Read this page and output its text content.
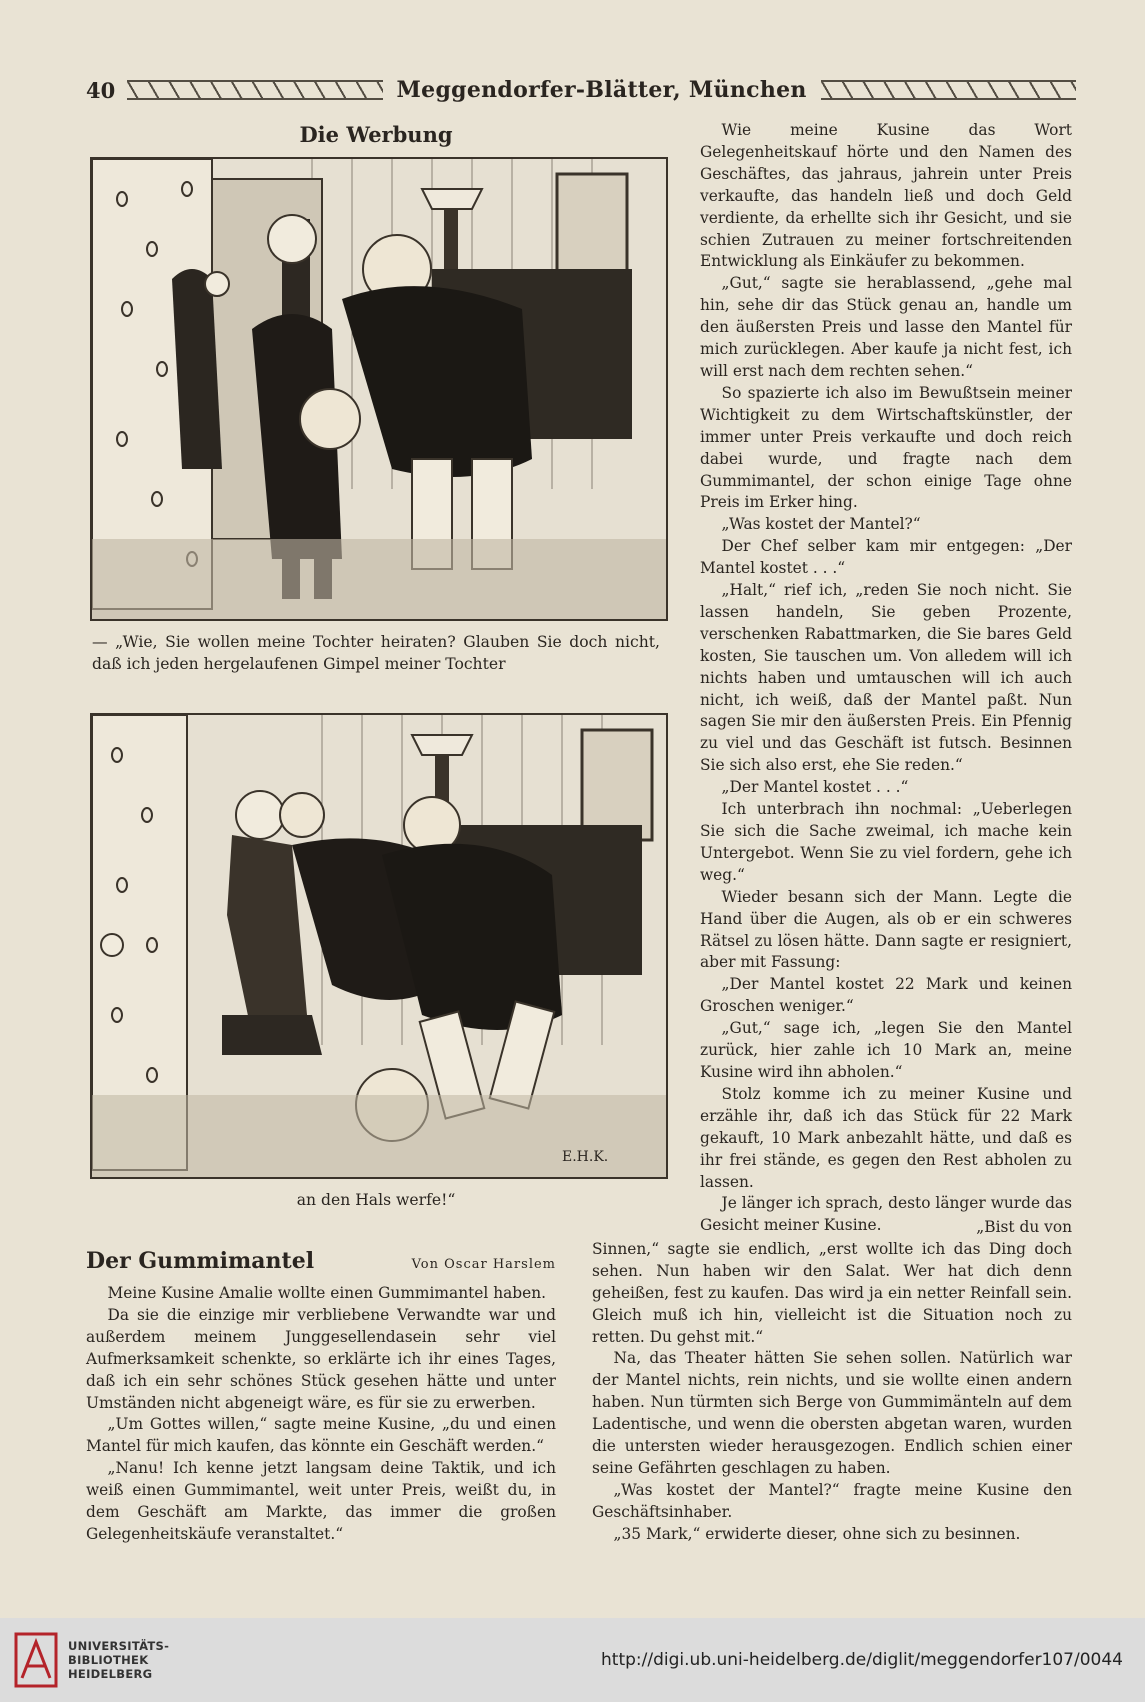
40	Meggendorfer-Blätter, München
Die Werbung
— „Wie, Sie wollen meine Tochter heiraten? Glauben Sie doch nicht, daß ich jeden hergelaufenen Gimpel meiner Tochter
E.H.K.
an den Hals werfe!“

Wie meine Kusine das Wort Gelegenheitskauf hörte und den Namen des Geschäftes, das jahraus, jahrein unter Preis verkaufte, das handeln ließ und doch Geld verdiente, da erhellte sich ihr Gesicht, und sie schien Zutrauen zu meiner fortschreitenden Entwicklung als Einkäufer zu bekommen.

„Gut,“ sagte sie herablassend, „gehe mal hin, sehe dir das Stück genau an, handle um den äußersten Preis und lasse den Mantel für mich zurücklegen. Aber kaufe ja nicht fest, ich will erst nach dem rechten sehen.“

So spazierte ich also im Bewußtsein meiner Wichtigkeit zu dem Wirtschaftskünstler, der immer unter Preis verkaufte und doch reich dabei wurde, und fragte nach dem Gummimantel, der schon einige Tage ohne Preis im Erker hing.

„Was kostet der Mantel?“

Der Chef selber kam mir entgegen: „Der Mantel kostet . . .“

„Halt,“ rief ich, „reden Sie noch nicht. Sie lassen handeln, Sie geben Prozente, verschenken Rabattmarken, die Sie bares Geld kosten, Sie tauschen um. Von alledem will ich nichts haben und umtauschen will ich auch nicht, ich weiß, daß der Mantel paßt. Nun sagen Sie mir den äußersten Preis. Ein Pfennig zu viel und das Geschäft ist futsch. Besinnen Sie sich also erst, ehe Sie reden.“

„Der Mantel kostet . . .“

Ich unterbrach ihn nochmal: „Ueberlegen Sie sich die Sache zweimal, ich mache kein Untergebot. Wenn Sie zu viel fordern, gehe ich weg.“

Wieder besann sich der Mann. Legte die Hand über die Augen, als ob er ein schweres Rätsel zu lösen hätte. Dann sagte er resigniert, aber mit Fassung:

„Der Mantel kostet 22 Mark und keinen Groschen weniger.“

„Gut,“ sage ich, „legen Sie den Mantel zurück, hier zahle ich 10 Mark an, meine Kusine wird ihn abholen.“

Stolz komme ich zu meiner Kusine und erzähle ihr, daß ich das Stück für 22 Mark gekauft, 10 Mark anbezahlt hätte, und daß es ihr frei stände, es gegen den Rest abholen zu lassen.

Je länger ich sprach, desto länger wurde das Gesicht meiner Kusine.

Der Gummimantel	Von Oscar Harslem

Meine Kusine Amalie wollte einen Gummimantel haben.

Da sie die einzige mir verbliebene Verwandte war und außerdem meinem Junggesellendasein sehr viel Aufmerksamkeit schenkte, so erklärte ich ihr eines Tages, daß ich ein sehr schönes Stück gesehen hätte und unter Umständen nicht abgeneigt wäre, es für sie zu erwerben.

„Um Gottes willen,“ sagte meine Kusine, „du und einen Mantel für mich kaufen, das könnte ein Geschäft werden.“

„Nanu! Ich kenne jetzt langsam deine Taktik, und ich weiß einen Gummimantel, weit unter Preis, weißt du, in dem Geschäft am Markte, das immer die großen Gelegenheitskäufe veranstaltet.“

„Bist du von

Sinnen,“ sagte sie endlich, „erst wollte ich das Ding doch sehen. Nun haben wir den Salat. Wer hat dich denn geheißen, fest zu kaufen. Das wird ja ein netter Reinfall sein. Gleich muß ich hin, vielleicht ist die Situation noch zu retten. Du gehst mit.“

Na, das Theater hätten Sie sehen sollen. Natürlich war der Mantel nichts, rein nichts, und sie wollte einen andern haben. Nun türmten sich Berge von Gummimänteln auf dem Ladentische, und wenn die obersten abgetan waren, wurden die untersten wieder herausgezogen. Endlich schien einer seine Gefährten geschlagen zu haben.

„Was kostet der Mantel?“ fragte meine Kusine den Geschäftsinhaber.

„35 Mark,“ erwiderte dieser, ohne sich zu besinnen.

UNIVERSITÄTS-
BIBLIOTHEK
HEIDELBERG
http://digi.ub.uni-heidelberg.de/diglit/meggendorfer107/0044
